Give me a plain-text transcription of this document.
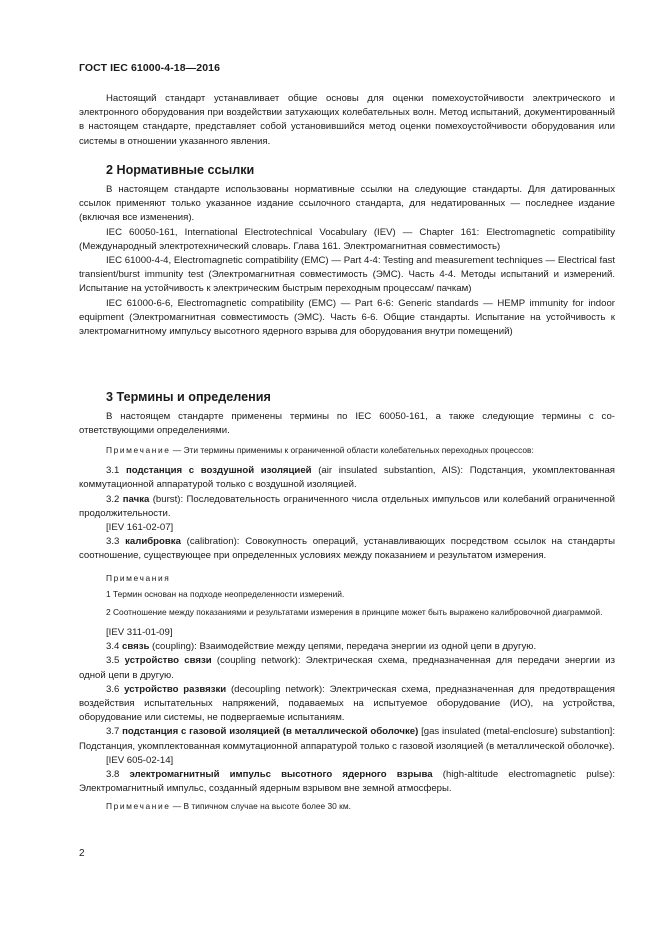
ГОСТ IEC 61000-4-18—2016

Настоящий стандарт устанавливает общие основы для оценки помехоустойчивости электрического и электронного оборудования при воздействии затухающих колебательных волн. Метод испытаний, документированный в настоящем стандарте, представляет собой установившийся метод оценки помехоустойчивости оборудования или системы в отношении указанного явления.

2 Нормативные ссылки

В настоящем стандарте использованы нормативные ссылки на следующие стандарты. Для датированных ссылок применяют только указанное издание ссылочного стандарта, для недатированных — последнее издание (включая все изменения).

IEC 60050-161, International Electrotechnical Vocabulary (IEV) — Chapter 161: Electromagnetic compatibility (Международный электротехнический словарь. Глава 161. Электромагнитная совместимость)

IEC 61000-4-4, Electromagnetic compatibility (EMC) — Part 4-4: Testing and measurement techniques — Electrical fast transient/burst immunity test (Электромагнитная совместимость (ЭМС). Часть 4-4. Методы испытаний и измерений. Испытание на устойчивость к электрическим быстрым переходным процессам/ пачкам)

IEC 61000-6-6, Electromagnetic compatibility (EMC) — Part 6-6: Generic standards — HEMP immunity for indoor equipment (Электромагнитная совместимость (ЭМС). Часть 6-6. Общие стандарты. Испытание на устойчивость к электромагнитному импульсу высотного ядерного взрыва для оборудования внутри помещений)

3 Термины и определения

В настоящем стандарте применены термины по IEC 60050-161, а также следующие термины с соответствующими определениями.

Примечание — Эти термины применимы к ограниченной области колебательных переходных процессов:

3.1 подстанция с воздушной изоляцией (air insulated substantion, AIS): Подстанция, укомплектованная коммутационной аппаратурой только с воздушной изоляцией.

3.2 пачка (burst): Последовательность ограниченного числа отдельных импульсов или колебаний ограниченной продолжительности.

[IEV 161-02-07]

3.3 калибровка (calibration): Совокупность операций, устанавливающих посредством ссылок на стандарты соотношение, существующее при определенных условиях между показанием и результатом измерения.

Примечания

1 Термин основан на подходе неопределенности измерений.

2 Соотношение между показаниями и результатами измерения в принципе может быть выражено калибровочной диаграммой.

[IEV 311-01-09]

3.4 связь (coupling): Взаимодействие между цепями, передача энергии из одной цепи в другую.

3.5 устройство связи (coupling network): Электрическая схема, предназначенная для передачи энергии из одной цепи в другую.

3.6 устройство развязки (decoupling network): Электрическая схема, предназначенная для предотвращения воздействия испытательных напряжений, подаваемых на испытуемое оборудование (ИО), на устройства, оборудование или системы, не подвергаемые испытаниям.

3.7 подстанция с газовой изоляцией (в металлической оболочке) [gas insulated (metal-enclosure) substantion]: Подстанция, укомплектованная коммутационной аппаратурой только с газовой изоляцией (в металлической оболочке).

[IEV 605-02-14]

3.8 электромагнитный импульс высотного ядерного взрыва (high-altitude electromagnetic pulse): Электромагнитный импульс, созданный ядерным взрывом вне земной атмосферы.

Примечание — В типичном случае на высоте более 30 км.

2
